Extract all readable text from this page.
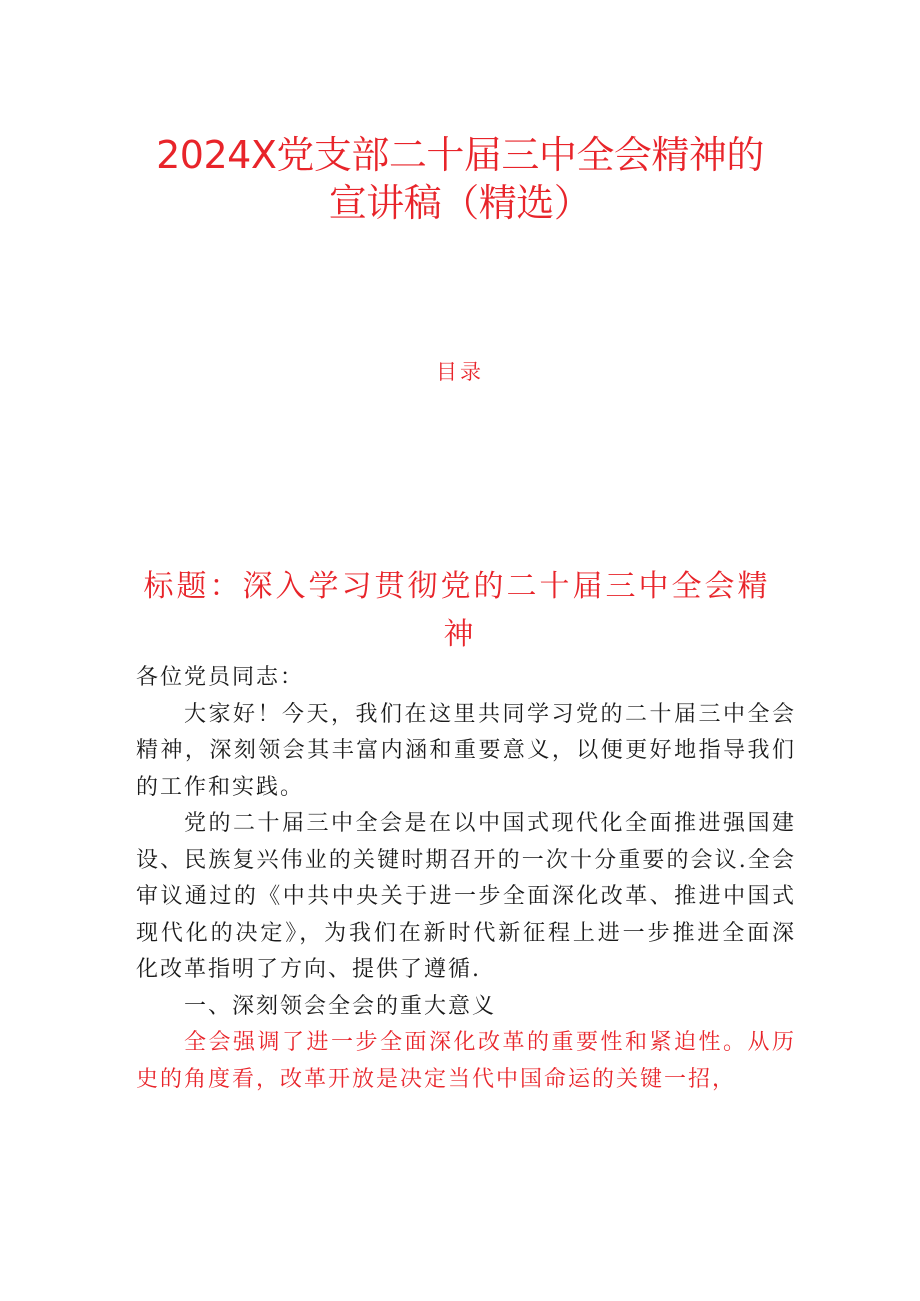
2024X党支部二十届三中全会精神的
宣讲稿（精选）
目录
标题：深入学习贯彻党的二十届三中全会精
神

各位党员同志：

大家好！今天，我们在这里共同学习党的二十届三中全会精神，深刻领会其丰富内涵和重要意义，以便更好地指导我们的工作和实践。

党的二十届三中全会是在以中国式现代化全面推进强国建设、民族复兴伟业的关键时期召开的一次十分重要的会议.全会审议通过的《中共中央关于进一步全面深化改革、推进中国式现代化的决定》，为我们在新时代新征程上进一步推进全面深化改革指明了方向、提供了遵循.

一、深刻领会全会的重大意义

全会强调了进一步全面深化改革的重要性和紧迫性。从历史的角度看，改革开放是决定当代中国命运的关键一招，
